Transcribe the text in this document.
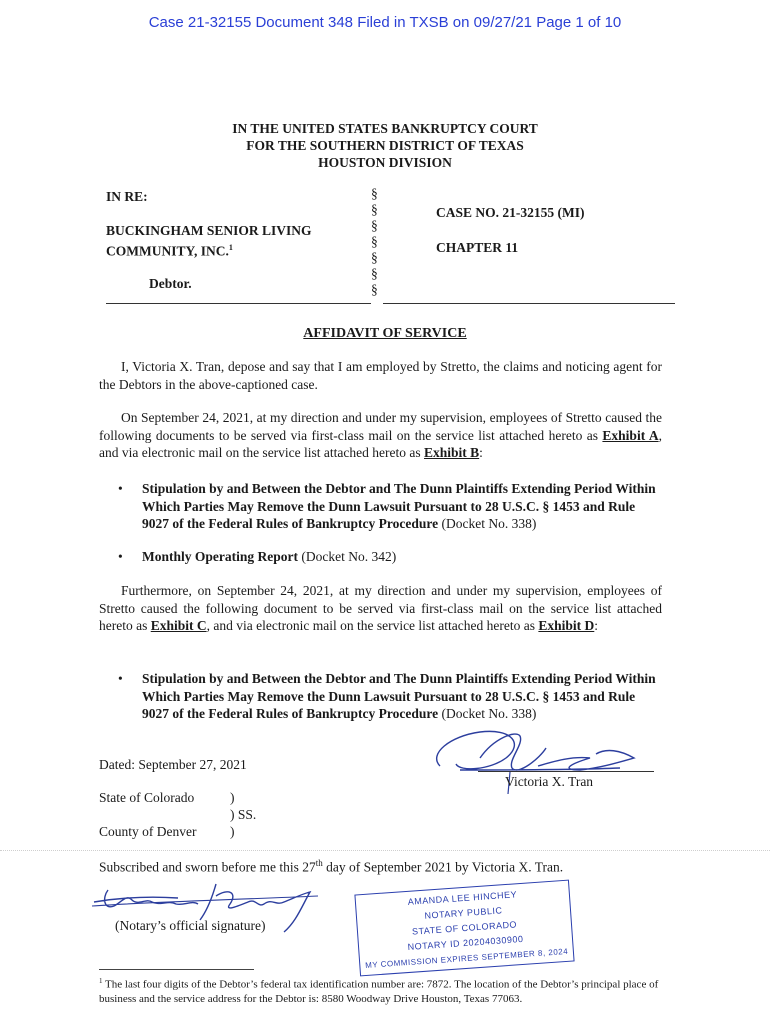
Case 21-32155 Document 348 Filed in TXSB on 09/27/21 Page 1 of 10
IN THE UNITED STATES BANKRUPTCY COURT
FOR THE SOUTHERN DISTRICT OF TEXAS
HOUSTON DIVISION
IN RE:
BUCKINGHAM SENIOR LIVING
COMMUNITY, INC.$^1$
Debtor.
§
§
§
§
§
§
§
CASE NO. 21-32155 (MI)
CHAPTER 11
AFFIDAVIT OF SERVICE
I, Victoria X. Tran, depose and say that I am employed by Stretto, the claims and noticing agent for the Debtors in the above-captioned case.
On September 24, 2021, at my direction and under my supervision, employees of Stretto caused the following documents to be served via first-class mail on the service list attached hereto as Exhibit A, and via electronic mail on the service list attached hereto as Exhibit B:
• Stipulation by and Between the Debtor and The Dunn Plaintiffs Extending Period Within Which Parties May Remove the Dunn Lawsuit Pursuant to 28 U.S.C. § 1453 and Rule 9027 of the Federal Rules of Bankruptcy Procedure (Docket No. 338)
• Monthly Operating Report (Docket No. 342)
Furthermore, on September 24, 2021, at my direction and under my supervision, employees of Stretto caused the following document to be served via first-class mail on the service list attached hereto as Exhibit C, and via electronic mail on the service list attached hereto as Exhibit D:
• Stipulation by and Between the Debtor and The Dunn Plaintiffs Extending Period Within Which Parties May Remove the Dunn Lawsuit Pursuant to 28 U.S.C. § 1453 and Rule 9027 of the Federal Rules of Bankruptcy Procedure (Docket No. 338)
Victoria X. Tran
Dated: September 27, 2021
State of Colorado	)
) SS.
County of Denver )
Subscribed and sworn before me this 27th day of September 2021 by Victoria X. Tran.
(Notary’s official signature)
AMANDA LEE HINCHEY
NOTARY PUBLIC
STATE OF COLORADO
NOTARY ID 20204030900
MY COMMISSION EXPIRES SEPTEMBER 8, 2024
$^1$ The last four digits of the Debtor’s federal tax identification number are: 7872. The location of the Debtor’s principal place of business and the service address for the Debtor is: 8580 Woodway Drive Houston, Texas 77063.
